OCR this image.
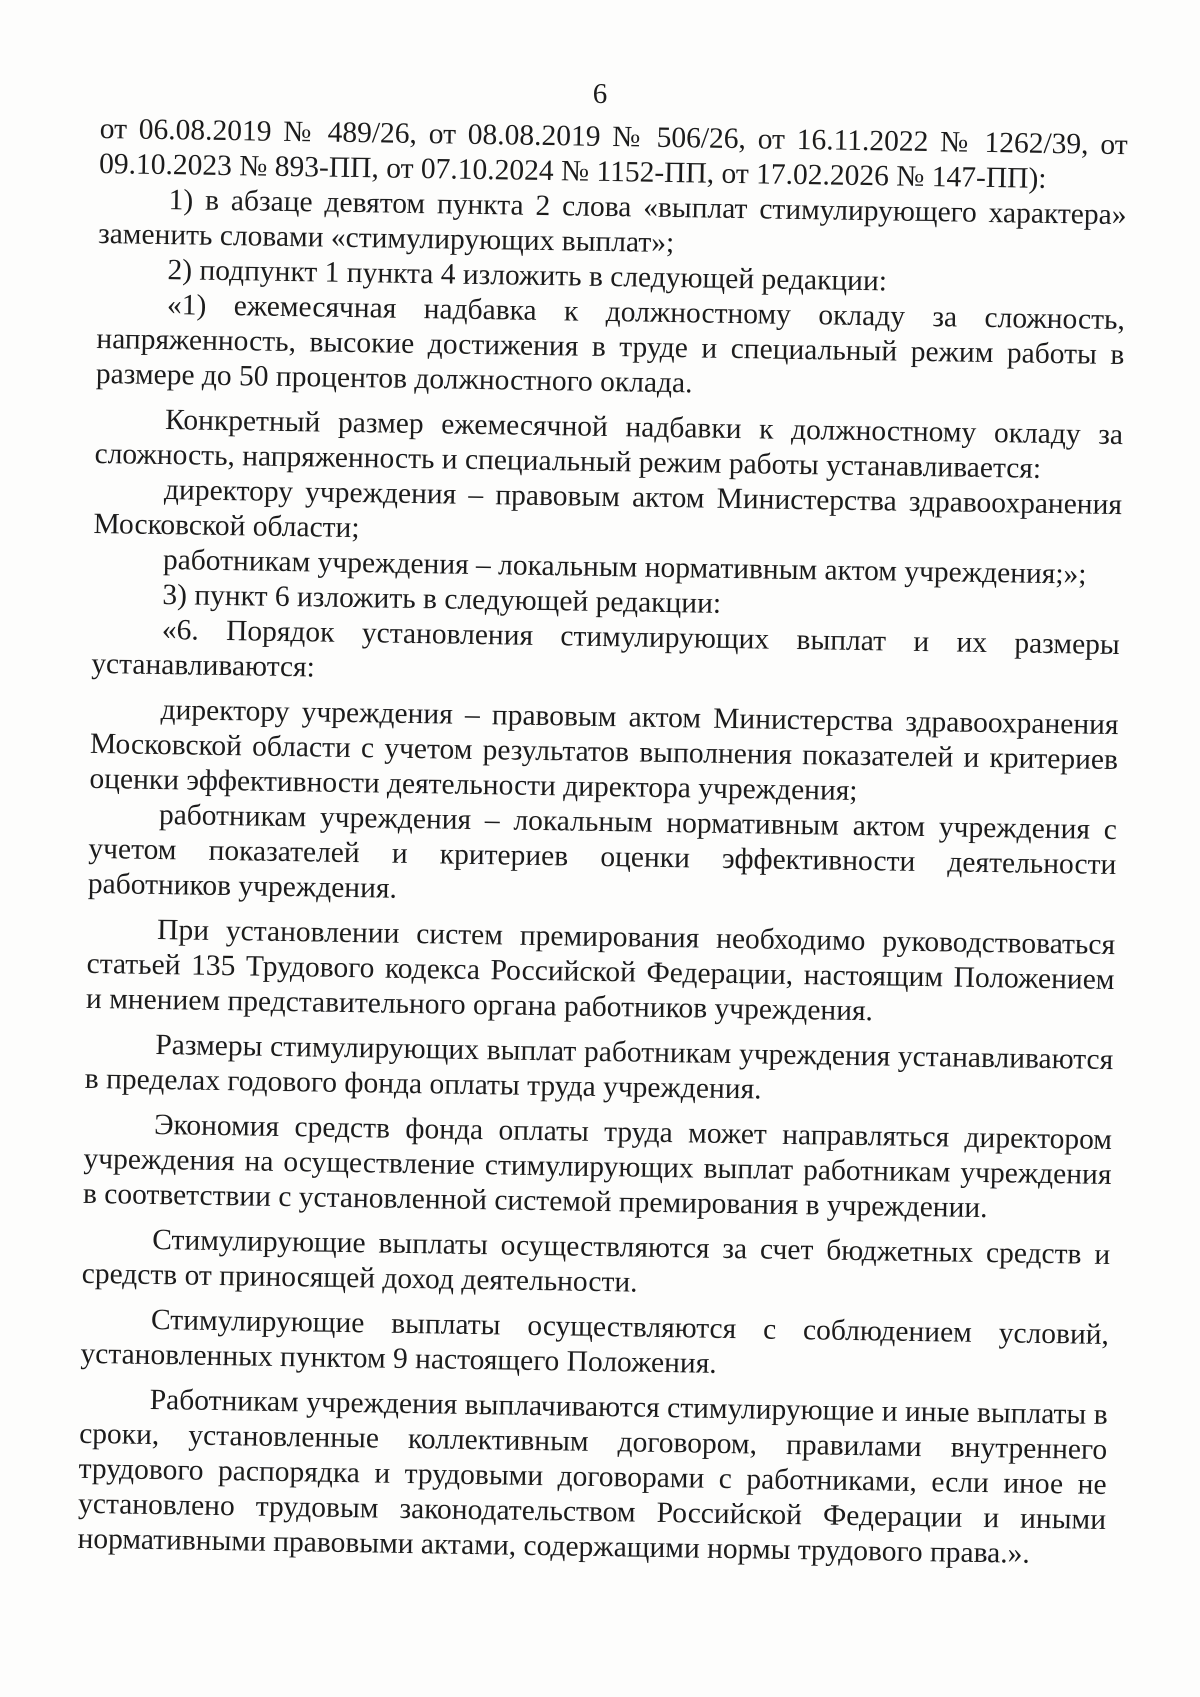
6

от 06.08.2019 № 489/26, от 08.08.2019 № 506/26, от 16.11.2022 № 1262/39, от 09.10.2023 № 893-ПП, от 07.10.2024 № 1152-ПП, от 17.02.2026 № 147-ПП):

1) в абзаце девятом пункта 2 слова «выплат стимулирующего характера» заменить словами «стимулирующих выплат»;

2) подпункт 1 пункта 4 изложить в следующей редакции:

«1) ежемесячная надбавка к должностному окладу за сложность, напряженность, высокие достижения в труде и специальный режим работы в размере до 50 процентов должностного оклада.

Конкретный размер ежемесячной надбавки к должностному окладу за сложность, напряженность и специальный режим работы устанавливается:

директору учреждения – правовым актом Министерства здравоохранения Московской области;

работникам учреждения – локальным нормативным актом учреждения;»;

3) пункт 6 изложить в следующей редакции:

«6. Порядок установления стимулирующих выплат и их размеры устанавливаются:

директору учреждения – правовым актом Министерства здравоохранения Московской области с учетом результатов выполнения показателей и критериев оценки эффективности деятельности директора учреждения;

работникам учреждения – локальным нормативным актом учреждения с учетом показателей и критериев оценки эффективности деятельности работников учреждения.

При установлении систем премирования необходимо руководствоваться статьей 135 Трудового кодекса Российской Федерации, настоящим Положением и мнением представительного органа работников учреждения.

Размеры стимулирующих выплат работникам учреждения устанавливаются в пределах годового фонда оплаты труда учреждения.

Экономия средств фонда оплаты труда может направляться директором учреждения на осуществление стимулирующих выплат работникам учреждения в соответствии с установленной системой премирования в учреждении.

Стимулирующие выплаты осуществляются за счет бюджетных средств и средств от приносящей доход деятельности.

Стимулирующие выплаты осуществляются с соблюдением условий, установленных пунктом 9 настоящего Положения.

Работникам учреждения выплачиваются стимулирующие и иные выплаты в сроки, установленные коллективным договором, правилами внутреннего трудового распорядка и трудовыми договорами с работниками, если иное не установлено трудовым законодательством Российской Федерации и иными нормативными правовыми актами, содержащими нормы трудового права.».
